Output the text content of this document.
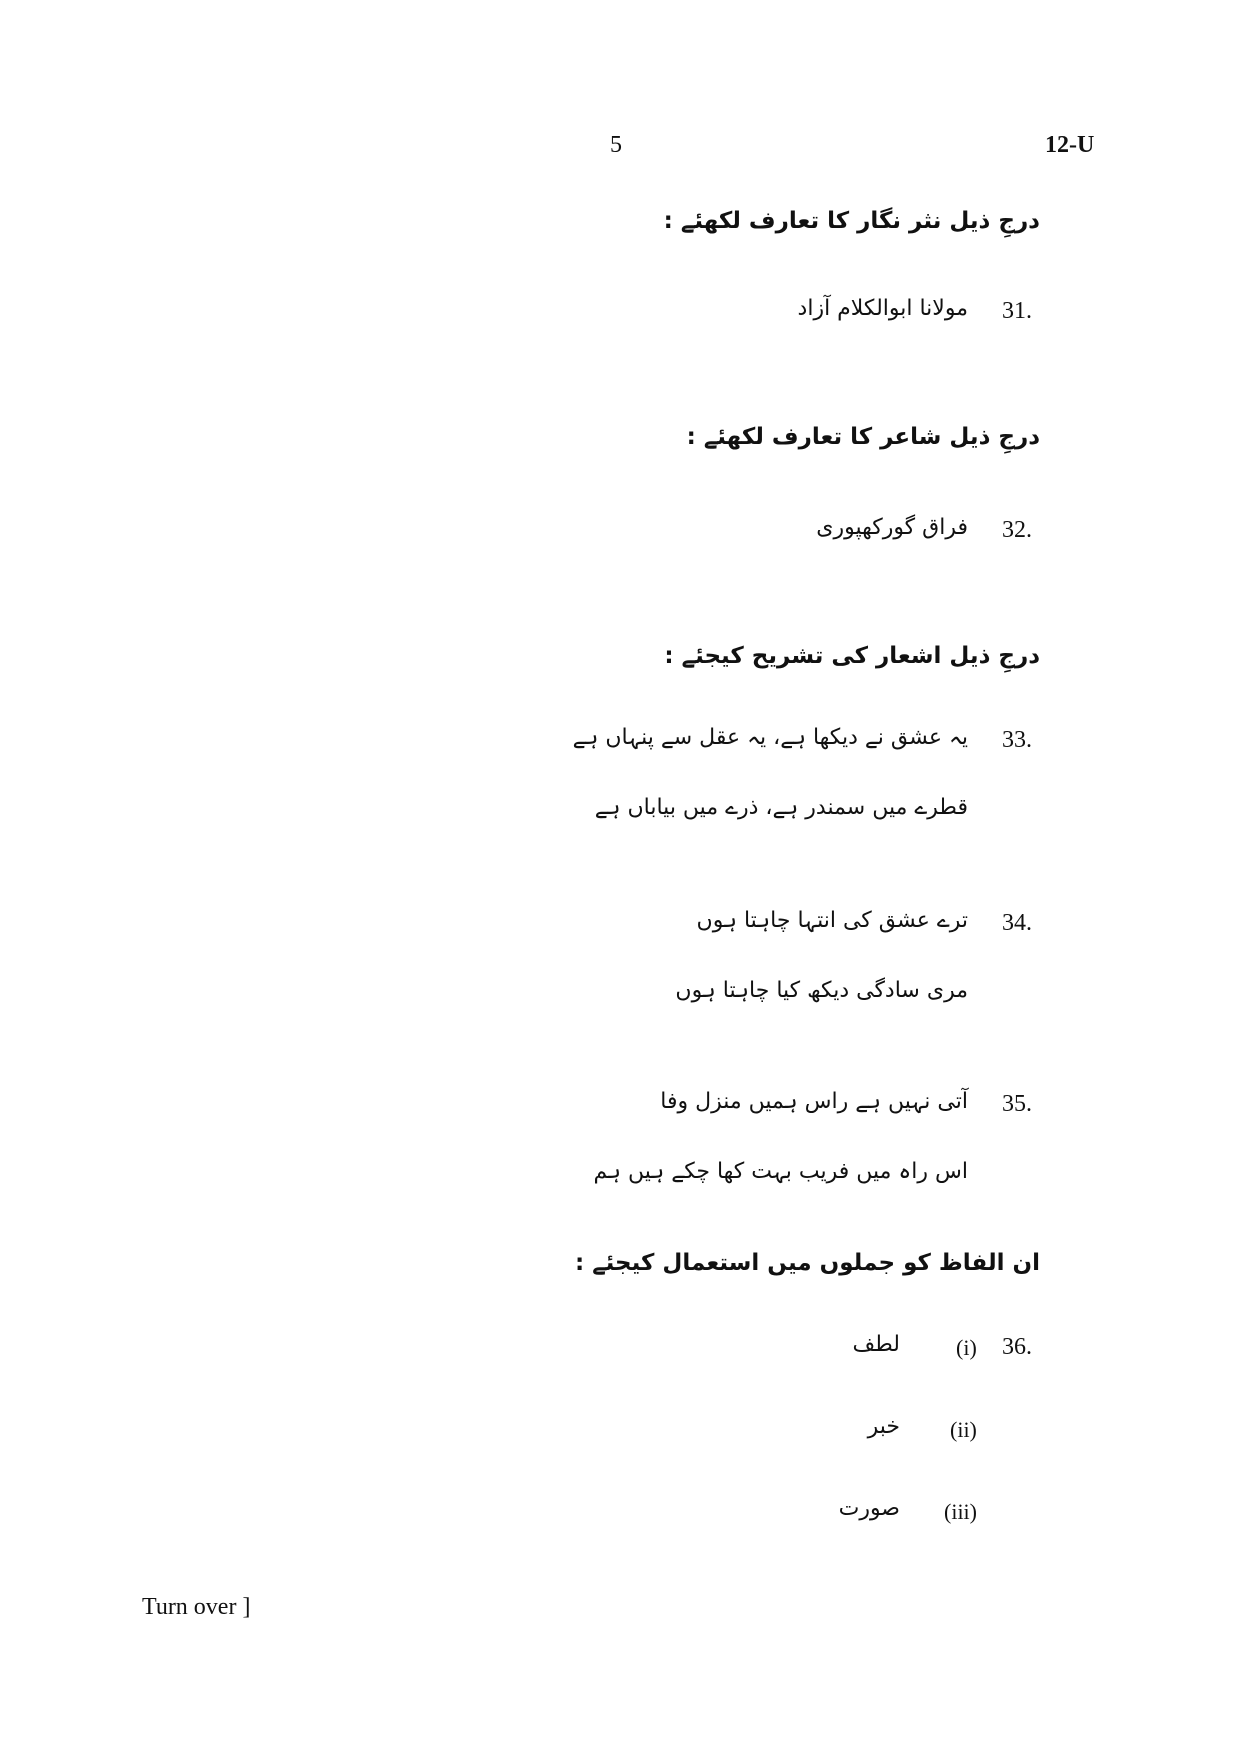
5	12-U
درجِ ذیل نثر نگار کا تعارف لکھئے :
31.
مولانا ابوالکلام آزاد
درجِ ذیل شاعر کا تعارف لکھئے :
32.
فراق گورکھپوری
درجِ ذیل اشعار کی تشریح کیجئے :
33.
یہ عشق نے دیکھا ہے، یہ عقل سے پنہاں ہے
قطرے میں سمندر ہے، ذرے میں بیاباں ہے
34.
ترے عشق کی انتہا چاہتا ہوں
مری سادگی دیکھ کیا چاہتا ہوں
35.
آتی نہیں ہے راس ہمیں منزل وفا
اس راہ میں فریب بہت کھا چکے ہیں ہم
ان الفاظ کو جملوں میں استعمال کیجئے :
36.
(i)
لطف
(ii)
خبر
(iii)
صورت
Turn over ]
